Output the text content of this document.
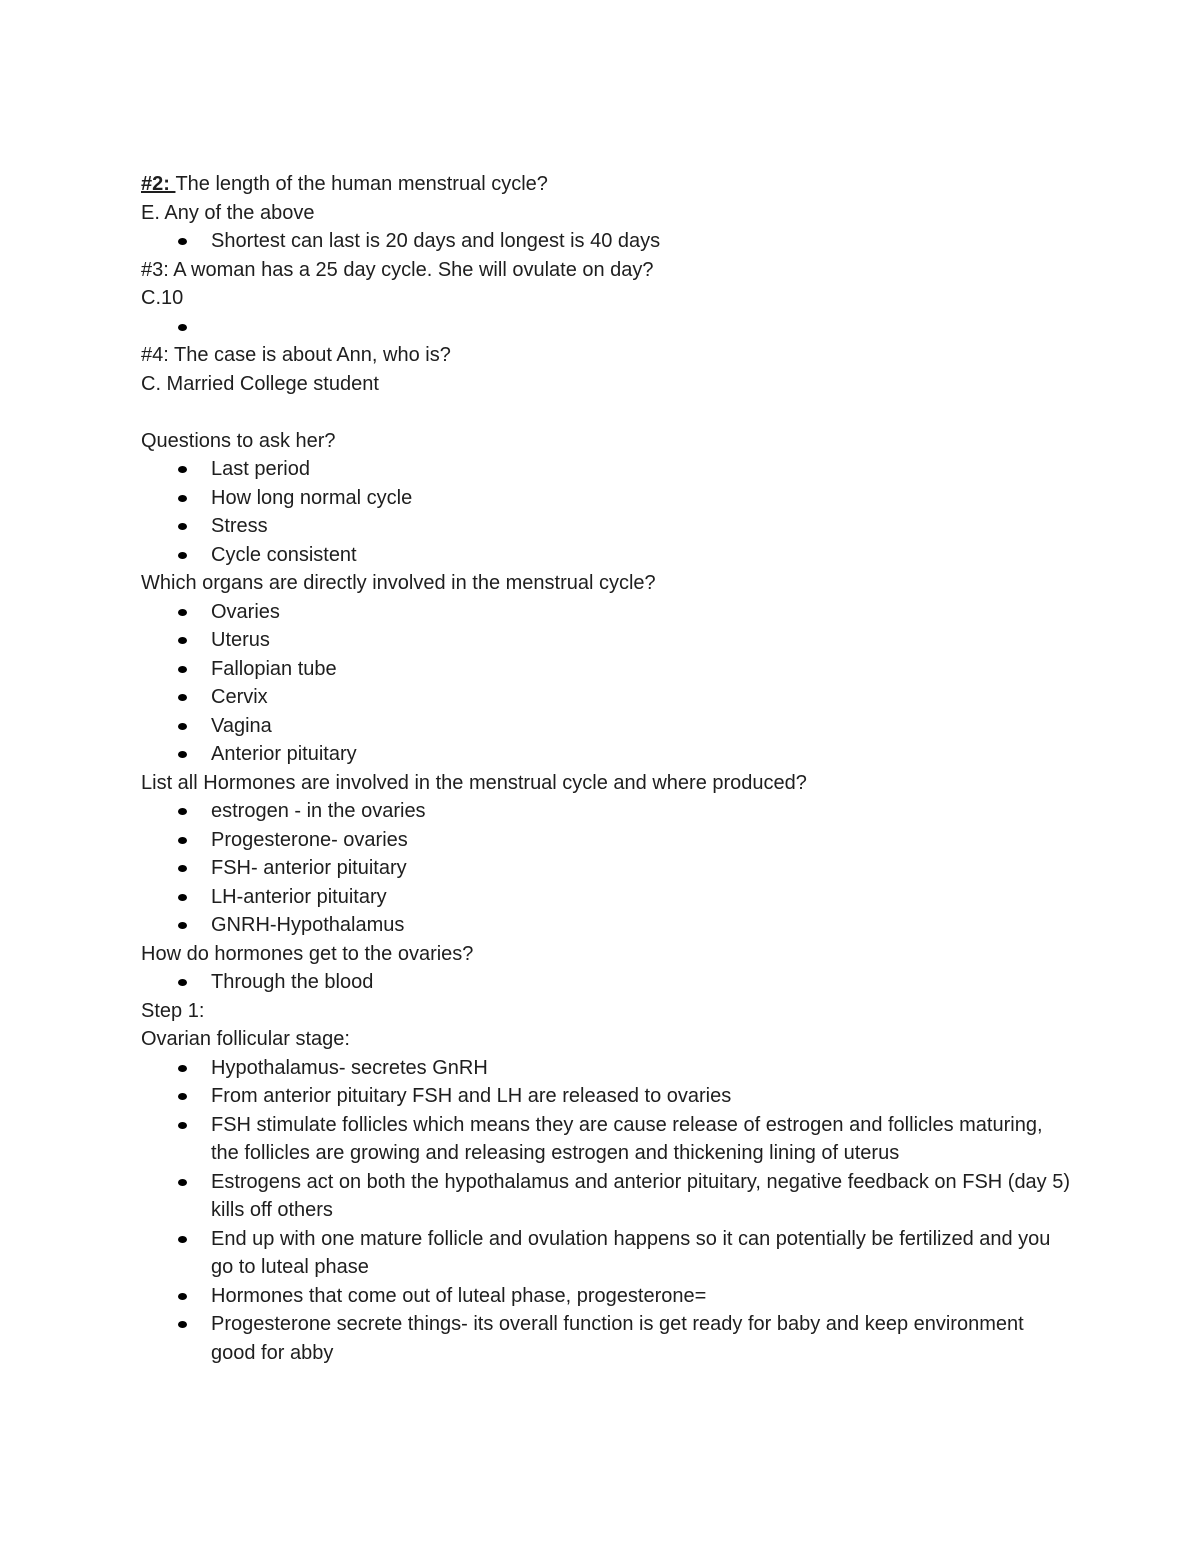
#2: The length of the human menstrual cycle?

E. Any of the above

Shortest can last is 20 days and longest is 40 days

#3: A woman has a 25 day cycle. She will ovulate on day?

C.10

#4: The case is about Ann, who is?

C. Married College student

Questions to ask her?

Last period
How long normal cycle
Stress
Cycle consistent

Which organs are directly involved in the menstrual cycle?

Ovaries
Uterus
Fallopian tube
Cervix
Vagina
Anterior pituitary

List all Hormones are involved in the menstrual cycle and where produced?

estrogen - in the ovaries
Progesterone- ovaries
FSH- anterior pituitary
LH-anterior pituitary
GNRH-Hypothalamus

How do hormones get to the ovaries?

Through the blood

Step 1:

Ovarian follicular stage:

Hypothalamus- secretes GnRH
From anterior pituitary FSH and LH are released to ovaries
FSH stimulate follicles which means they are cause release of estrogen and follicles maturing, the follicles are growing and releasing estrogen and thickening lining of uterus
Estrogens act on both the hypothalamus and anterior pituitary, negative feedback on FSH (day 5) kills off others
End up with one mature follicle and ovulation happens so it can potentially be fertilized and you go to luteal phase
Hormones that come out of luteal phase, progesterone=
Progesterone secrete things- its overall function is get ready for baby and keep environment good for abby
